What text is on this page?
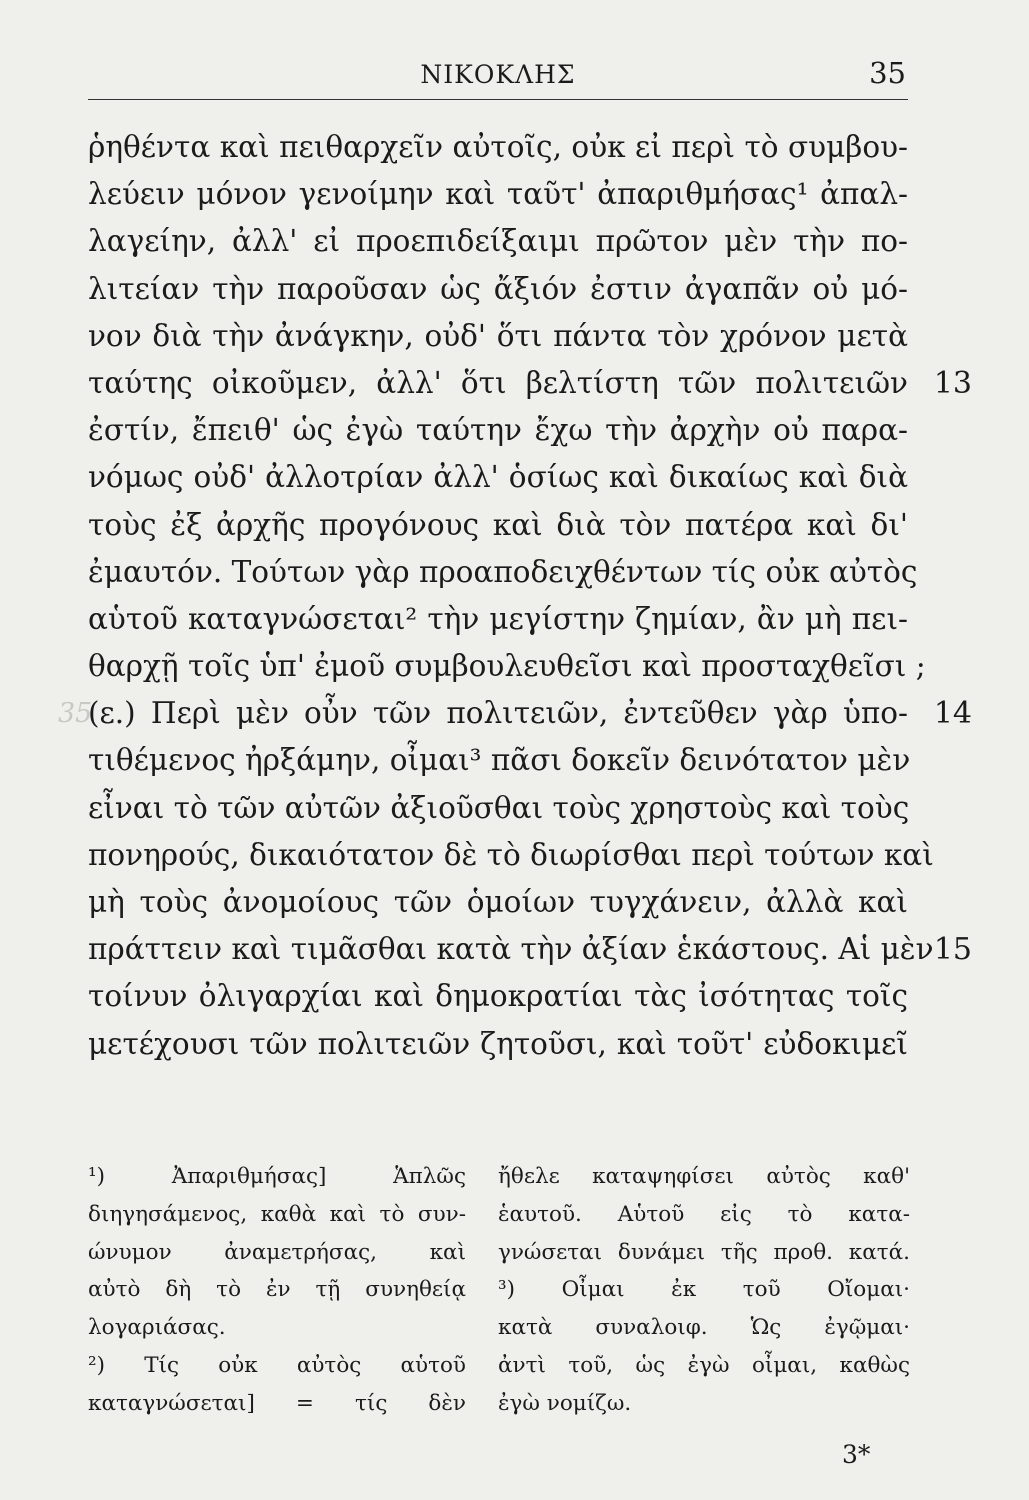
ΝΙΚΟΚΛΗΣ	35
ῥηθέντα καὶ πειθαρχεῖν αὐτοῖς, οὐκ εἰ περὶ τὸ συμβου-
λεύειν μόνον γενοίμην καὶ ταῦτ' ἀπαριθμήσας¹ ἀπαλ-
λαγείην, ἀλλ' εἰ προεπιδείξαιμι πρῶτον μὲν τὴν πο-
λιτείαν τὴν παροῦσαν ὡς ἄξιόν ἐστιν ἀγαπᾶν οὐ μό-
νον διὰ τὴν ἀνάγκην, οὐδ' ὅτι πάντα τὸν χρόνον μετὰ
ταύτης οἰκοῦμεν, ἀλλ' ὅτι βελτίστη τῶν πολιτειῶν 13
ἐστίν, ἔπειθ' ὡς ἐγὼ ταύτην ἔχω τὴν ἀρχὴν οὐ παρα-
νόμως οὐδ' ἀλλοτρίαν ἀλλ' ὁσίως καὶ δικαίως καὶ διὰ
τοὺς ἐξ ἀρχῆς προγόνους καὶ διὰ τὸν πατέρα καὶ δι'
ἐμαυτόν. Τούτων γὰρ προαποδειχθέντων τίς οὐκ αὐτὸς
αὑτοῦ καταγνώσεται² τὴν μεγίστην ζημίαν, ἂν μὴ πει-
θαρχῇ τοῖς ὑπ' ἐμοῦ συμβουλευθεῖσι καὶ προσταχθεῖσι ;
35
(ε.) Περὶ μὲν οὖν τῶν πολιτειῶν, ἐντεῦθεν γὰρ ὑπο- 14
τιθέμενος ἠρξάμην, οἶμαι³ πᾶσι δοκεῖν δεινότατον μὲν
εἶναι τὸ τῶν αὐτῶν ἀξιοῦσθαι τοὺς χρηστοὺς καὶ τοὺς
πονηρούς, δικαιότατον δὲ τὸ διωρίσθαι περὶ τούτων καὶ
μὴ τοὺς ἀνομοίους τῶν ὁμοίων τυγχάνειν, ἀλλὰ καὶ
πράττειν καὶ τιμᾶσθαι κατὰ τὴν ἀξίαν ἑκάστους. Αἱ μὲν 15
τοίνυν ὀλιγαρχίαι καὶ δημοκρατίαι τὰς ἰσότητας τοῖς
μετέχουσι τῶν πολιτειῶν ζητοῦσι, καὶ τοῦτ' εὐδοκιμεῖ
¹) Ἀπαριθμήσας] Ἁπλῶς
διηγησάμενος, καθὰ καὶ τὸ συν-
ώνυμον ἀναμετρήσας, καὶ
αὐτὸ δὴ τὸ ἐν τῇ συνηθείᾳ
λογαριάσας.
²) Τίς οὐκ αὐτὸς αὑτοῦ
καταγνώσεται] = τίς δὲν
ἤθελε καταψηφίσει αὐτὸς καθ'
ἑαυτοῦ. Αὑτοῦ εἰς τὸ κατα-
γνώσεται δυνάμει τῆς προθ. κατά.
³) Οἶμαι ἐκ τοῦ Οἴομαι·
κατὰ συναλοιφ. Ὡς ἐγῷμαι·
ἀντὶ τοῦ, ὡς ἐγὼ οἶμαι, καθὼς
ἐγὼ νομίζω.
3*
